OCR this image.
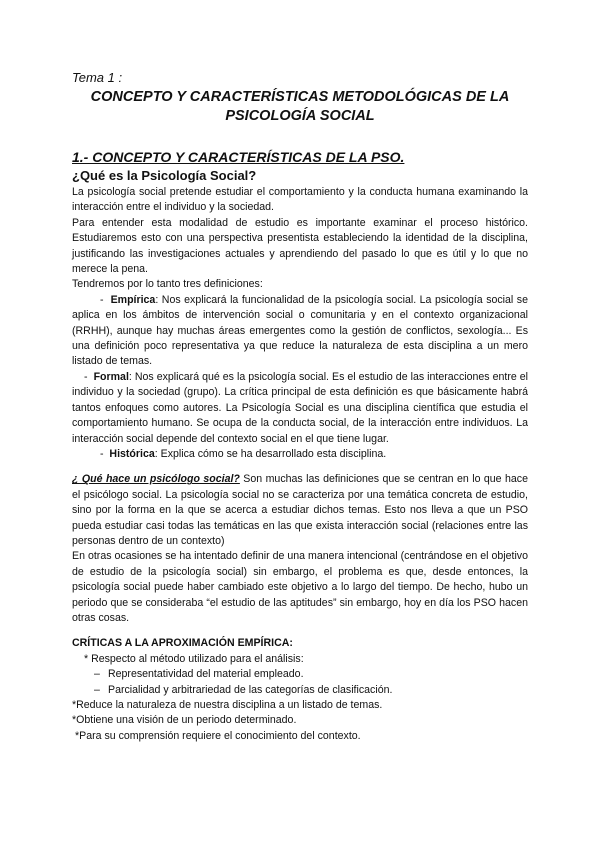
Tema 1 :
CONCEPTO Y CARACTERÍSTICAS METODOLÓGICAS DE LA
PSICOLOGÍA SOCIAL
1.- CONCEPTO Y CARACTERÍSTICAS DE LA PSO.
¿Qué es la Psicología Social?

La psicología social pretende estudiar el comportamiento y la conducta humana examinando la interacción entre el individuo y la sociedad.

Para entender esta modalidad de estudio es importante examinar el proceso histórico. Estudiaremos esto con una perspectiva presentista estableciendo la identidad de la disciplina, justificando las investigaciones actuales y aprendiendo del pasado lo que es útil y lo que no merece la pena.

Tendremos por lo tanto tres definiciones:

-  Empírica: Nos explicará la funcionalidad de la psicología social. La psicología social se aplica en los ámbitos de intervención social o comunitaria y en el contexto organizacional (RRHH), aunque hay muchas áreas emergentes como la gestión de conflictos, sexología... Es una definición poco representativa ya que reduce la naturaleza de esta disciplina a un mero listado de temas.

-  Formal: Nos explicará qué es la psicología social. Es el estudio de las interacciones entre el individuo y la sociedad (grupo). La crítica principal de esta definición es que básicamente habrá tantos enfoques como autores. La Psicología Social es una disciplina científica que estudia el comportamiento humano. Se ocupa de la conducta social, de la interacción entre individuos. La interacción social depende del contexto social en el que tiene lugar.

-  Histórica: Explica cómo se ha desarrollado esta disciplina.

¿ Qué hace un psicólogo social? Son muchas las definiciones que se centran en lo que hace el psicólogo social. La psicología social no se caracteriza por una temática concreta de estudio, sino por la forma en la que se acerca a estudiar dichos temas. Esto nos lleva a que un PSO pueda estudiar casi todas las temáticas en las que exista interacción social (relaciones entre las personas dentro de un contexto)

En otras ocasiones se ha intentado definir de una manera intencional (centrándose en el objetivo de estudio de la psicología social) sin embargo, el problema es que, desde entonces, la psicología social puede haber cambiado este objetivo a lo largo del tiempo. De hecho, hubo un periodo que se consideraba “el estudio de las aptitudes” sin embargo, hoy en día los PSO hacen otras cosas.

CRÍTICAS A LA APROXIMACIÓN EMPÍRICA:

* Respecto al método utilizado para el análisis:

– Representatividad del material empleado.

– Parcialidad y arbitrariedad de las categorías de clasificación.

*Reduce la naturaleza de nuestra disciplina a un listado de temas.

*Obtiene una visión de un periodo determinado.

*Para su comprensión requiere el conocimiento del contexto.
